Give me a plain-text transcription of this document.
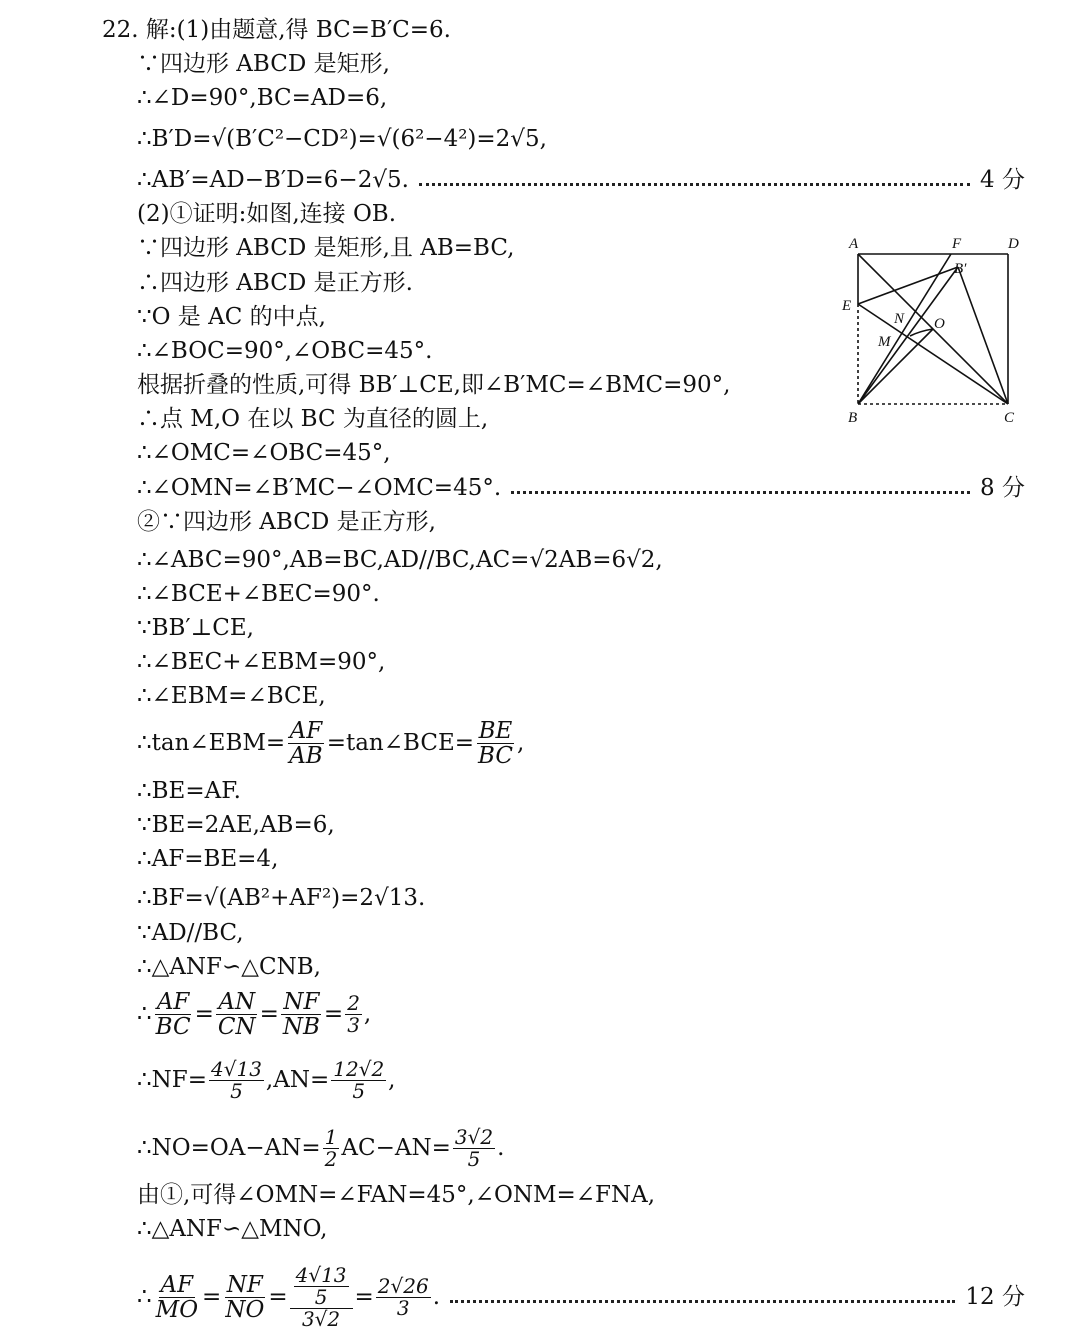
22. 解:(1)由题意,得 BC=B′C=6.
∵四边形 ABCD 是矩形,
∴∠D=90°,BC=AD=6,
∴B′D=√(B′C²−CD²)=√(6²−4²)=2√5,
∴AB′=AD−B′D=6−2√5.	4 分
(2)①证明:如图,连接 OB.
∵四边形 ABCD 是矩形,且 AB=BC,
∴四边形 ABCD 是正方形.
∵O 是 AC 的中点,
∴∠BOC=90°,∠OBC=45°.
根据折叠的性质,可得 BB′⊥CE,即∠B′MC=∠BMC=90°,
∴点 M,O 在以 BC 为直径的圆上,
∴∠OMC=∠OBC=45°,
∴∠OMN=∠B′MC−∠OMC=45°.	8 分
②∵四边形 ABCD 是正方形,
∴∠ABC=90°,AB=BC,AD//BC,AC=√2AB=6√2,
∴∠BCE+∠BEC=90°.
∵BB′⊥CE,
∴∠BEC+∠EBM=90°,
∴∠EBM=∠BCE,
∴tan∠EBM= $\frac{AF}{AB}$ =tan∠BCE= $\frac{BE}{BC}$ ,
∴BE=AF.
∵BE=2AE,AB=6,
∴AF=BE=4,
∴BF=√(AB²+AF²)=2√13.
∵AD//BC,
∴△ANF∽△CNB,
∴ $\frac{AF}{BC} = \frac{AN}{CN} = \frac{NF}{NB} = \frac{2}{3}$ ,
∴NF= $\frac{4√13}{5} ,AN= \frac{12√2}{5}$ ,
∴NO=OA−AN= $\frac{1}{2} AC-AN= \frac{3√2}{5}$ .
由①,可得∠OMN=∠FAN=45°,∠ONM=∠FNA,
∴△ANF∽△MNO,
∴ $\frac{AF}{MO} = \frac{NF}{NO} = \frac{\frac{4√13}{5}}{3√2} = \frac{2√26}{3}$ .	12 分
A	F	D
B′
E
N O
M
B	C
